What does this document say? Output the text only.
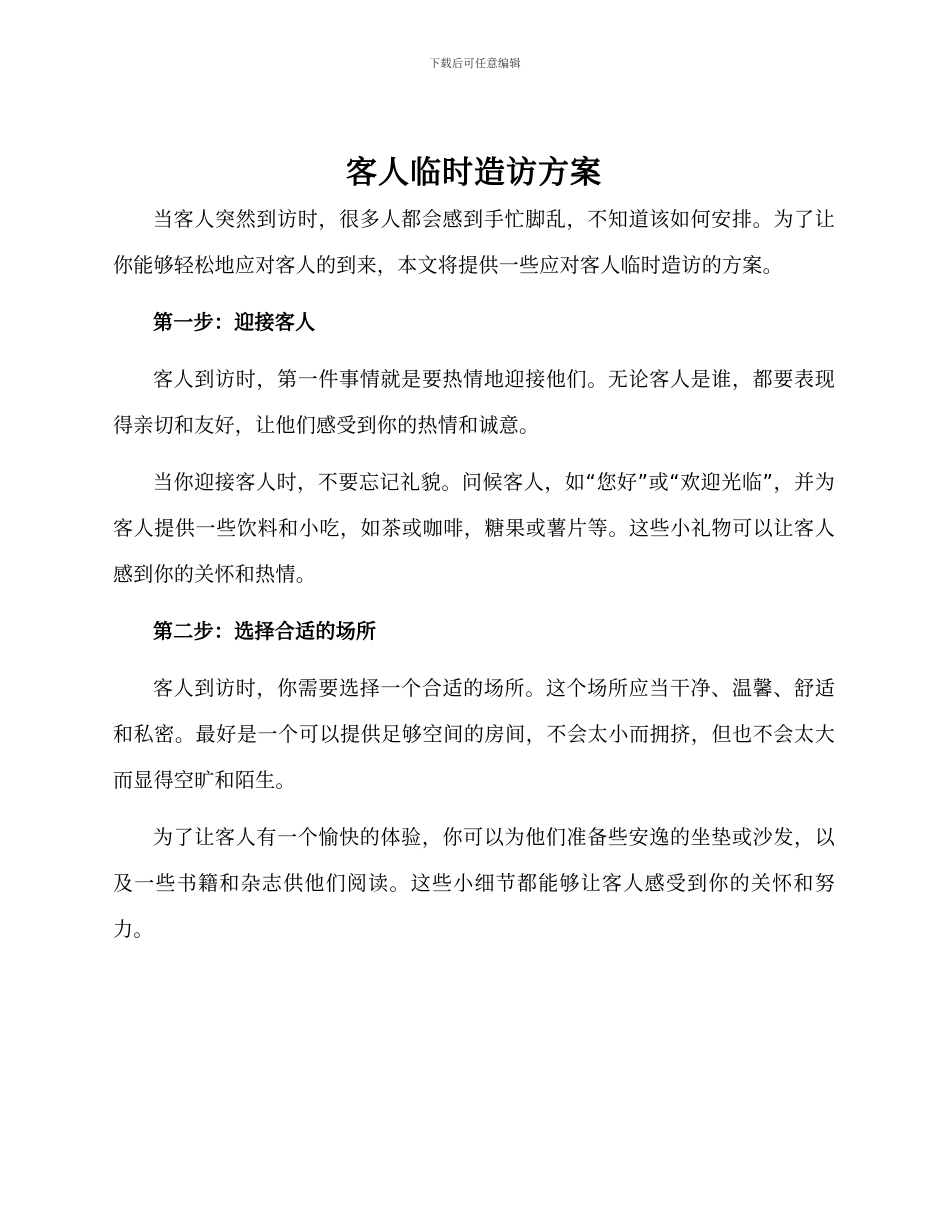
下载后可任意编辑
客人临时造访方案

当客人突然到访时，很多人都会感到手忙脚乱，不知道该如何安排。为了让你能够轻松地应对客人的到来，本文将提供一些应对客人临时造访的方案。

第一步：迎接客人

客人到访时，第一件事情就是要热情地迎接他们。无论客人是谁，都要表现得亲切和友好，让他们感受到你的热情和诚意。

当你迎接客人时，不要忘记礼貌。问候客人，如“您好”或“欢迎光临”，并为客人提供一些饮料和小吃，如茶或咖啡，糖果或薯片等。这些小礼物可以让客人感到你的关怀和热情。

第二步：选择合适的场所

客人到访时，你需要选择一个合适的场所。这个场所应当干净、温馨、舒适和私密。最好是一个可以提供足够空间的房间，不会太小而拥挤，但也不会太大而显得空旷和陌生。

为了让客人有一个愉快的体验，你可以为他们准备些安逸的坐垫或沙发，以及一些书籍和杂志供他们阅读。这些小细节都能够让客人感受到你的关怀和努力。
